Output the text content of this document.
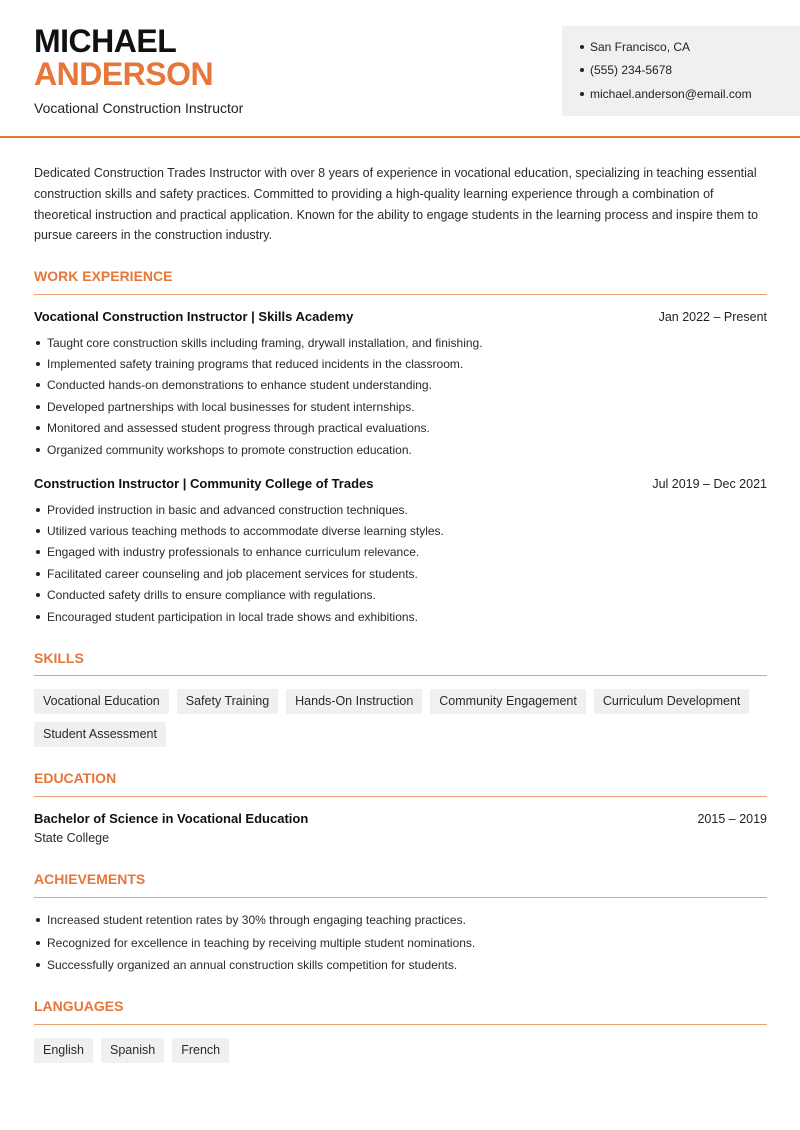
MICHAEL
ANDERSON
Vocational Construction Instructor
San Francisco, CA
(555) 234-5678
michael.anderson@email.com
Dedicated Construction Trades Instructor with over 8 years of experience in vocational education, specializing in teaching essential construction skills and safety practices. Committed to providing a high-quality learning experience through a combination of theoretical instruction and practical application. Known for the ability to engage students in the learning process and inspire them to pursue careers in the construction industry.
WORK EXPERIENCE
Vocational Construction Instructor | Skills Academy	Jan 2022 – Present
Taught core construction skills including framing, drywall installation, and finishing.
Implemented safety training programs that reduced incidents in the classroom.
Conducted hands-on demonstrations to enhance student understanding.
Developed partnerships with local businesses for student internships.
Monitored and assessed student progress through practical evaluations.
Organized community workshops to promote construction education.
Construction Instructor | Community College of Trades	Jul 2019 – Dec 2021
Provided instruction in basic and advanced construction techniques.
Utilized various teaching methods to accommodate diverse learning styles.
Engaged with industry professionals to enhance curriculum relevance.
Facilitated career counseling and job placement services for students.
Conducted safety drills to ensure compliance with regulations.
Encouraged student participation in local trade shows and exhibitions.
SKILLS
Vocational Education	Safety Training	Hands-On Instruction	Community Engagement	Curriculum Development
Student Assessment
EDUCATION
Bachelor of Science in Vocational Education	2015 – 2019
State College
ACHIEVEMENTS
Increased student retention rates by 30% through engaging teaching practices.
Recognized for excellence in teaching by receiving multiple student nominations.
Successfully organized an annual construction skills competition for students.
LANGUAGES
English	Spanish	French
